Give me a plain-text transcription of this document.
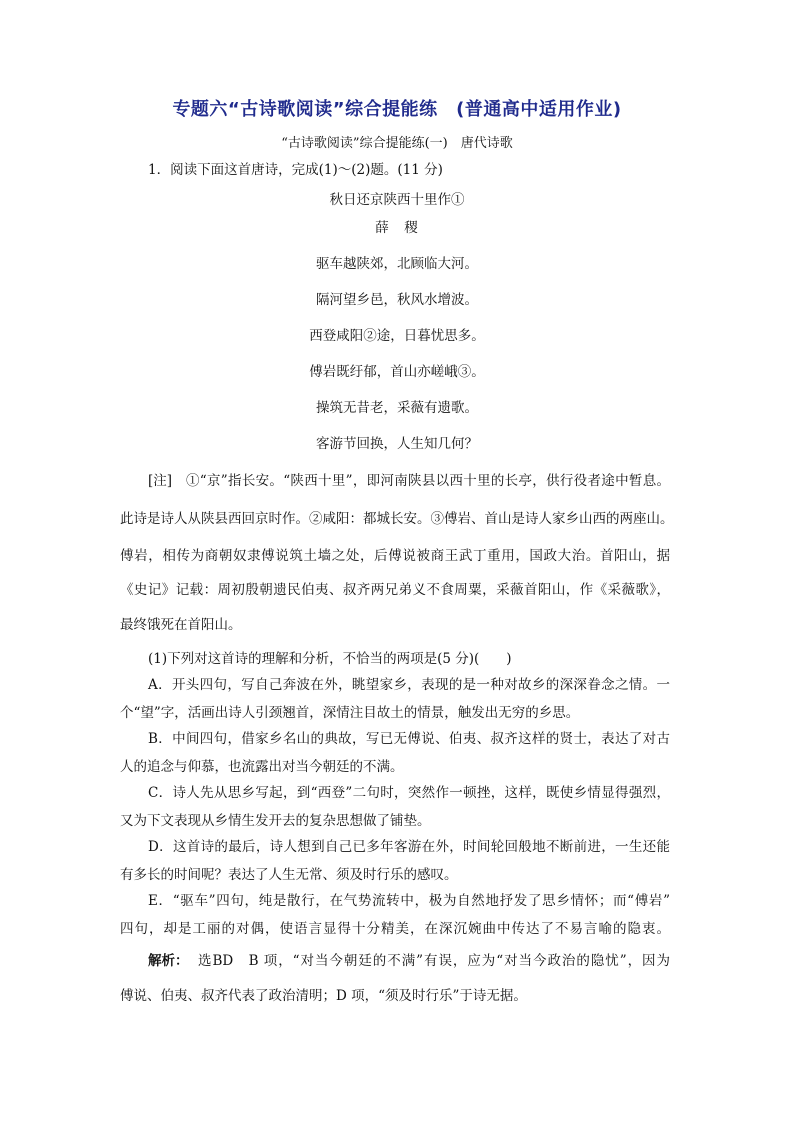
专题六“古诗歌阅读”综合提能练　(普通高中适用作业)
“古诗歌阅读”综合提能练(一)　唐代诗歌
1．阅读下面这首唐诗，完成(1)～(2)题。(11 分)
秋日还京陕西十里作①
薛　稷
驱车越陕郊，北顾临大河。
隔河望乡邑，秋风水增波。
西登咸阳②途，日暮忧思多。
傅岩既纡郁，首山亦嵯峨③。
操筑无昔老，采薇有遗歌。
客游节回换，人生知几何？
[注] ①“京”指长安。“陕西十里”，即河南陕县以西十里的长亭，供行役者途中暂息。
此诗是诗人从陕县西回京时作。②咸阳：都城长安。③傅岩、首山是诗人家乡山西的两座山。
傅岩，相传为商朝奴隶傅说筑土墙之处，后傅说被商王武丁重用，国政大治。首阳山，据
《史记》记载：周初殷朝遗民伯夷、叔齐两兄弟义不食周粟，采薇首阳山，作《采薇歌》，
最终饿死在首阳山。
(1)下列对这首诗的理解和分析，不恰当的两项是(5 分)(　　)
A．开头四句，写自己奔波在外，眺望家乡，表现的是一种对故乡的深深眷念之情。一
个“望”字，活画出诗人引颈翘首，深情注目故土的情景，触发出无穷的乡思。
B．中间四句，借家乡名山的典故，写已无傅说、伯夷、叔齐这样的贤士，表达了对古
人的追念与仰慕，也流露出对当今朝廷的不满。
C．诗人先从思乡写起，到“西登”二句时，突然作一顿挫，这样，既使乡情显得强烈，
又为下文表现从乡情生发开去的复杂思想做了铺垫。
D．这首诗的最后，诗人想到自己已多年客游在外，时间轮回般地不断前进，一生还能
有多长的时间呢？表达了人生无常、须及时行乐的感叹。
E．“驱车”四句，纯是散行，在气势流转中，极为自然地抒发了思乡情怀；而“傅岩”
四句，却是工丽的对偶，使语言显得十分精美，在深沉婉曲中传达了不易言喻的隐衷。
解析： 选BD　B 项，“对当今朝廷的不满”有误，应为“对当今政治的隐忧”，因为
傅说、伯夷、叔齐代表了政治清明；D 项，“须及时行乐”于诗无据。
